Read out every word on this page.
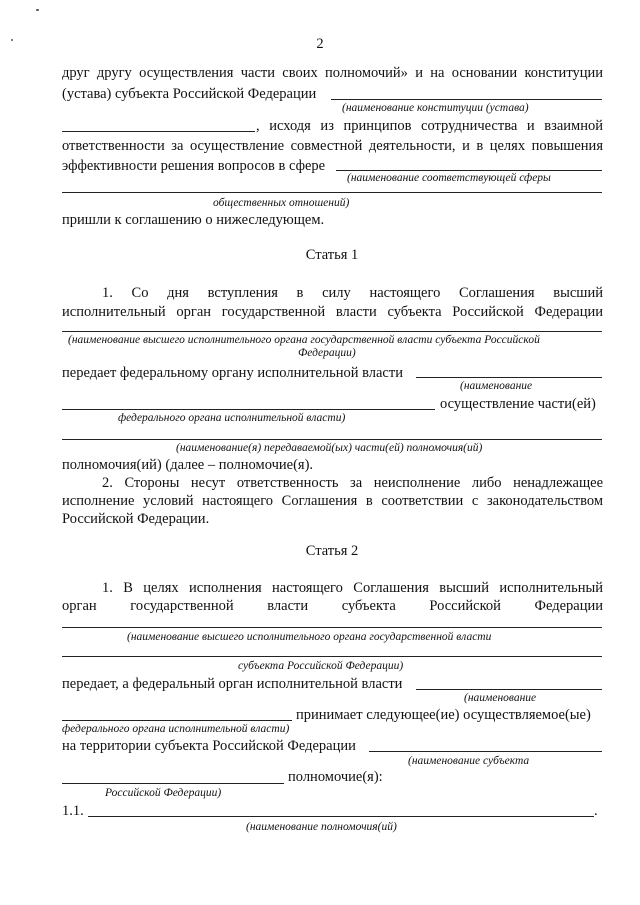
2
друг другу осуществления части своих полномочий» и на основании конституции
(устава) субъекта Российской Федерации
(наименование конституции (устава)
, исходя из принципов сотрудничества и взаимной
ответственности за осуществление совместной деятельности, и в целях повышения
эффективности решения вопросов в сфере
(наименование соответствующей сферы
общественных отношений)
пришли к соглашению о нижеследующем.
Статья 1
1. Со дня вступления в силу настоящего Соглашения высший
исполнительный орган государственной власти субъекта Российской Федерации
(наименование высшего исполнительного органа государственной власти субъекта Российской
Федерации)
передает федеральному органу исполнительной власти
(наименование
осуществление части(ей)
федерального органа исполнительной власти)
(наименование(я) передаваемой(ых) части(ей) полномочия(ий)
полномочия(ий) (далее – полномочие(я).
2. Стороны несут ответственность за неисполнение либо ненадлежащее
исполнение условий настоящего Соглашения в соответствии с законодательством
Российской Федерации.
Статья 2
1. В целях исполнения настоящего Соглашения высший исполнительный
орган государственной власти субъекта Российской Федерации
(наименование высшего исполнительного органа государственной власти
субъекта Российской Федерации)
передает, а федеральный орган исполнительной власти
(наименование
принимает следующее(ие) осуществляемое(ые)
федерального органа исполнительной власти)
на территории субъекта Российской Федерации
(наименование субъекта
полномочие(я):
Российской Федерации)
1.1.	.
(наименование полномочия(ий)
